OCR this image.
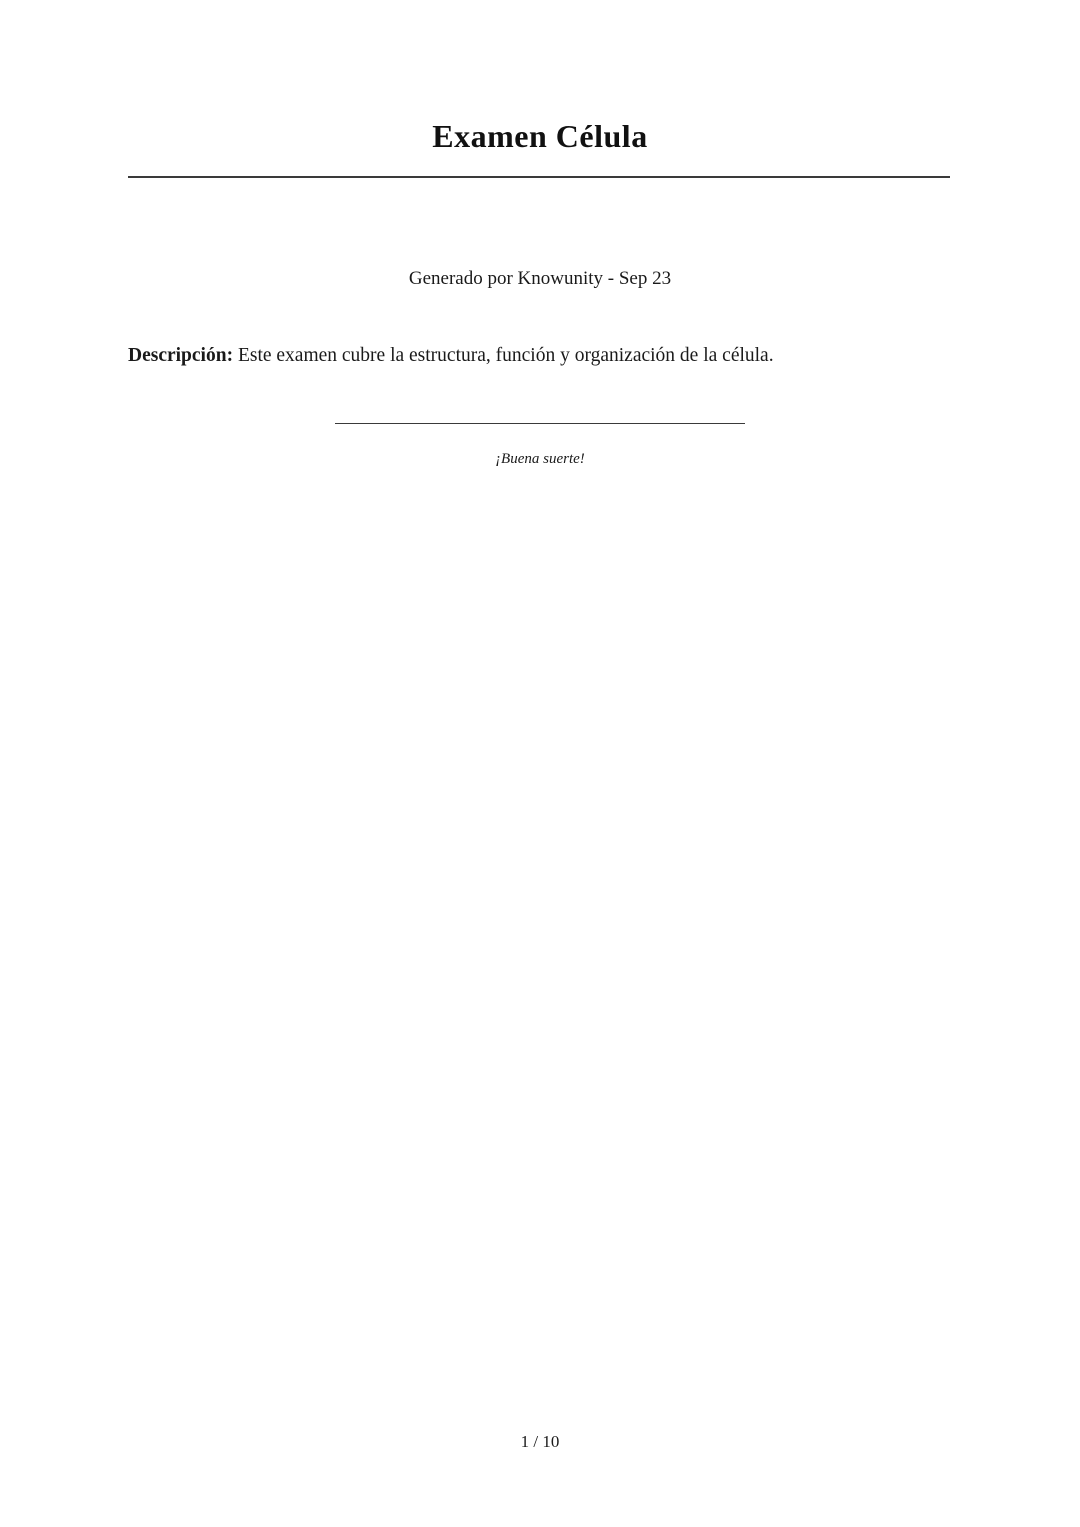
Examen Célula
Generado por Knowunity - Sep 23
Descripción: Este examen cubre la estructura, función y organización de la célula.
¡Buena suerte!
1 / 10
